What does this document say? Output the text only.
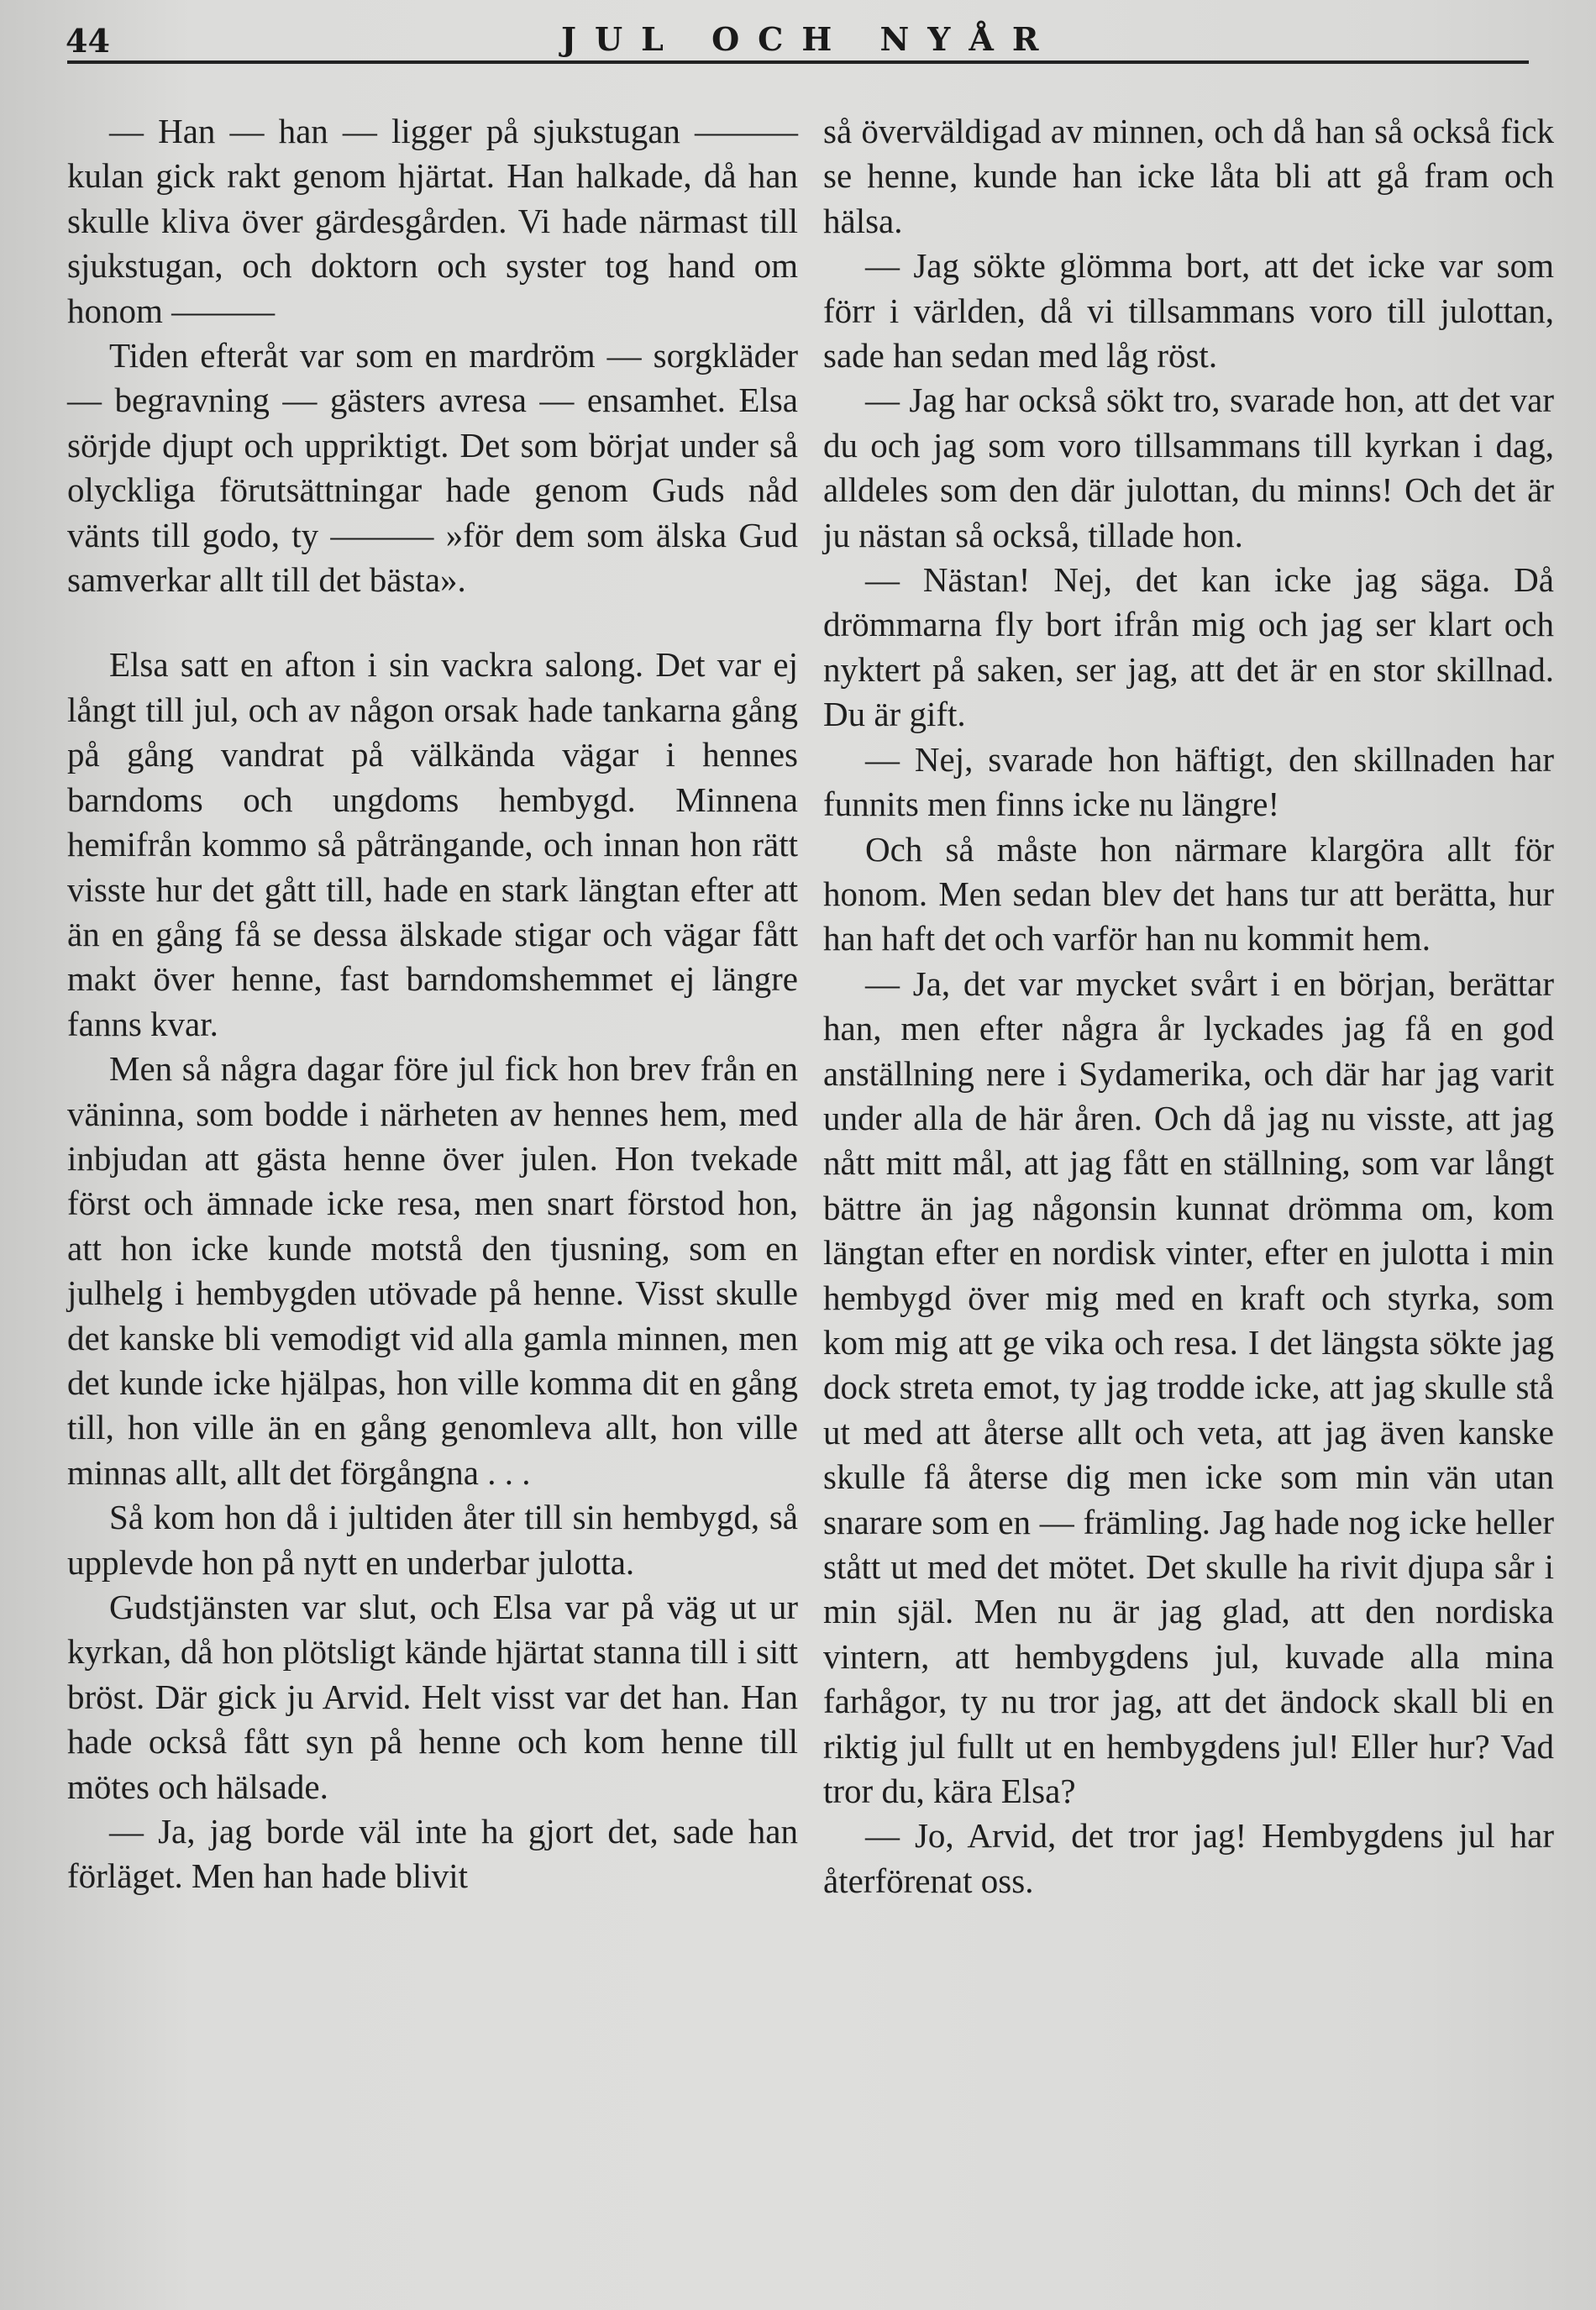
44	JUL OCH NYÅR

— Han — han — ligger på sjukstugan ——— kulan gick rakt genom hjärtat. Han halkade, då han skulle kliva över gärdesgården. Vi hade närmast till sjukstugan, och doktorn och syster tog hand om honom ———

Tiden efteråt var som en mardröm — sorgkläder — begravning — gästers avresa — ensamhet. Elsa sörjde djupt och uppriktigt. Det som börjat under så olyckliga förutsättningar hade genom Guds nåd vänts till godo, ty ——— »för dem som älska Gud samverkar allt till det bästa».

Elsa satt en afton i sin vackra salong. Det var ej långt till jul, och av någon orsak hade tankarna gång på gång vandrat på välkända vägar i hennes barndoms och ungdoms hembygd. Minnena hemifrån kommo så påträngande, och innan hon rätt visste hur det gått till, hade en stark längtan efter att än en gång få se dessa älskade stigar och vägar fått makt över henne, fast barndomshemmet ej längre fanns kvar.

Men så några dagar före jul fick hon brev från en väninna, som bodde i närheten av hennes hem, med inbjudan att gästa henne över julen. Hon tvekade först och ämnade icke resa, men snart förstod hon, att hon icke kunde motstå den tjusning, som en julhelg i hembygden utövade på henne. Visst skulle det kanske bli vemodigt vid alla gamla minnen, men det kunde icke hjälpas, hon ville komma dit en gång till, hon ville än en gång genomleva allt, hon ville minnas allt, allt det förgångna . . .

Så kom hon då i jultiden åter till sin hembygd, så upplevde hon på nytt en underbar julotta.

Gudstjänsten var slut, och Elsa var på väg ut ur kyrkan, då hon plötsligt kände hjärtat stanna till i sitt bröst. Där gick ju Arvid. Helt visst var det han. Han hade också fått syn på henne och kom henne till mötes och hälsade.

— Ja, jag borde väl inte ha gjort det, sade han förläget. Men han hade blivit

så överväldigad av minnen, och då han så också fick se henne, kunde han icke låta bli att gå fram och hälsa.

— Jag sökte glömma bort, att det icke var som förr i världen, då vi tillsammans voro till julottan, sade han sedan med låg röst.

— Jag har också sökt tro, svarade hon, att det var du och jag som voro tillsammans till kyrkan i dag, alldeles som den där julottan, du minns! Och det är ju nästan så också, tillade hon.

— Nästan! Nej, det kan icke jag säga. Då drömmarna fly bort ifrån mig och jag ser klart och nyktert på saken, ser jag, att det är en stor skillnad. Du är gift.

— Nej, svarade hon häftigt, den skillnaden har funnits men finns icke nu längre!

Och så måste hon närmare klargöra allt för honom. Men sedan blev det hans tur att berätta, hur han haft det och varför han nu kommit hem.

— Ja, det var mycket svårt i en början, berättar han, men efter några år lyckades jag få en god anställning nere i Sydamerika, och där har jag varit under alla de här åren. Och då jag nu visste, att jag nått mitt mål, att jag fått en ställning, som var långt bättre än jag någonsin kunnat drömma om, kom längtan efter en nordisk vinter, efter en julotta i min hembygd över mig med en kraft och styrka, som kom mig att ge vika och resa. I det längsta sökte jag dock streta emot, ty jag trodde icke, att jag skulle stå ut med att återse allt och veta, att jag även kanske skulle få återse dig men icke som min vän utan snarare som en — främling. Jag hade nog icke heller stått ut med det mötet. Det skulle ha rivit djupa sår i min själ. Men nu är jag glad, att den nordiska vintern, att hembygdens jul, kuvade alla mina farhågor, ty nu tror jag, att det ändock skall bli en riktig jul fullt ut en hembygdens jul! Eller hur? Vad tror du, kära Elsa?

— Jo, Arvid, det tror jag! Hembygdens jul har återförenat oss.
